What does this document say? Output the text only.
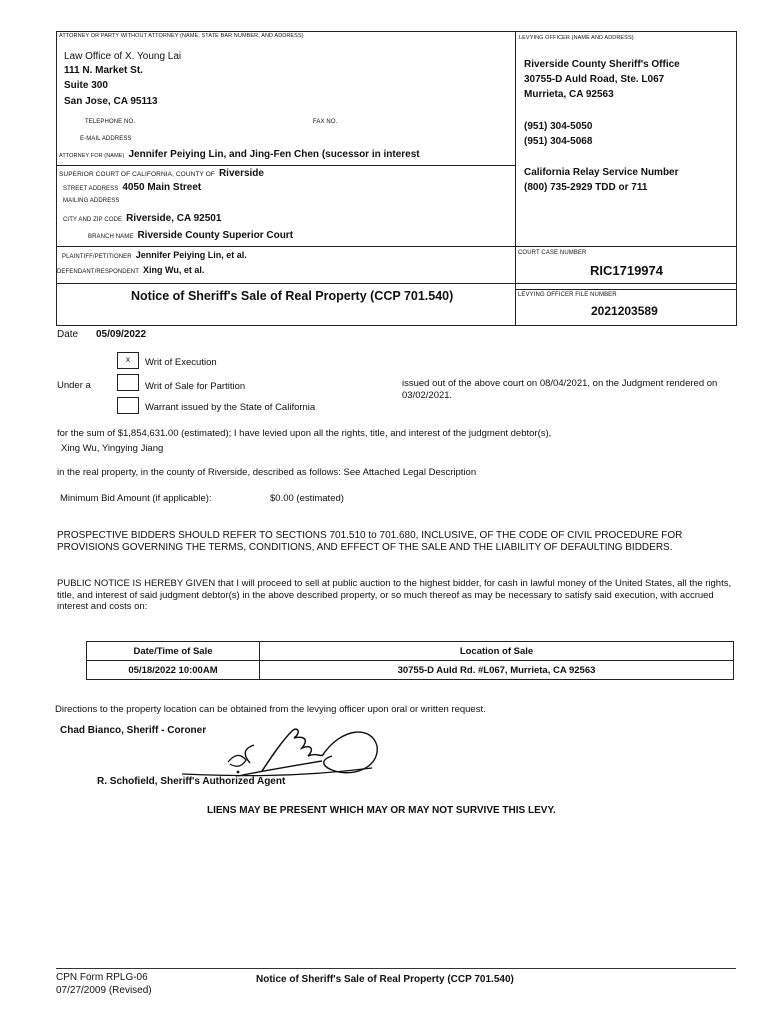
ATTORNEY OR PARTY WITHOUT ATTORNEY (NAME, STATE BAR NUMBER, AND ADDRESS)
Law Office of X. Young Lai
111 N. Market St.
Suite 300
San Jose, CA 95113
TELEPHONE NO.	FAX NO.
E-MAIL ADDRESS
ATTORNEY FOR (NAME) Jennifer Peiying Lin, and Jing-Fen Chen (sucessor in interest
SUPERIOR COURT OF CALIFORNIA, COUNTY OF Riverside
STREET ADDRESS 4050 Main Street
MAILING ADDRESS
CITY AND ZIP CODE Riverside, CA 92501
BRANCH NAME Riverside County Superior Court
PLAINTIFF/PETITIONER Jennifer Peiying Lin, et al.
DEFENDANT/RESPONDENT Xing Wu, et al.
Notice of Sheriff's Sale of Real Property (CCP 701.540)
LEVYING OFFICER (NAME AND ADDRESS)
Riverside County Sheriff's Office
30755-D Auld Road, Ste. L067
Murrieta, CA 92563
(951) 304-5050
(951) 304-5068
California Relay Service Number
(800) 735-2929 TDD or 711
COURT CASE NUMBER
RIC1719974
LEVYING OFFICER FILE NUMBER
2021203589
Date 05/09/2022
x	Writ of Execution
Under a	Writ of Sale for Partition
Warrant issued by the State of California
issued out of the above court on 08/04/2021, on the Judgment rendered on 03/02/2021.
for the sum of $1,854,631.00 (estimated); I have levied upon all the rights, title, and interest of the judgment debtor(s),
Xing Wu, Yingying Jiang
in the real property, in the county of Riverside, described as follows: See Attached Legal Description
Minimum Bid Amount (if applicable):	$0.00 (estimated)
PROSPECTIVE BIDDERS SHOULD REFER TO SECTIONS 701.510 to 701.680, INCLUSIVE, OF THE CODE OF CIVIL PROCEDURE FOR PROVISIONS GOVERNING THE TERMS, CONDITIONS, AND EFFECT OF THE SALE AND THE LIABILITY OF DEFAULTING BIDDERS.
PUBLIC NOTICE IS HEREBY GIVEN that I will proceed to sell at public auction to the highest bidder, for cash in lawful money of the United States, all the rights, title, and interest of said judgment debtor(s) in the above described property, or so much thereof as may be necessary to satisfy said execution, with accrued interest and costs on:
Date/Time of Sale	Location of Sale
05/18/2022 10:00AM	30755-D Auld Rd. #L067, Murrieta, CA 92563
Directions to the property location can be obtained from the levying officer upon oral or written request.
Chad Bianco, Sheriff - Coroner
R. Schofield, Sheriff's Authorized Agent
LIENS MAY BE PRESENT WHICH MAY OR MAY NOT SURVIVE THIS LEVY.
CPN Form RPLG-06
07/27/2009 (Revised)
Notice of Sheriff's Sale of Real Property (CCP 701.540)
